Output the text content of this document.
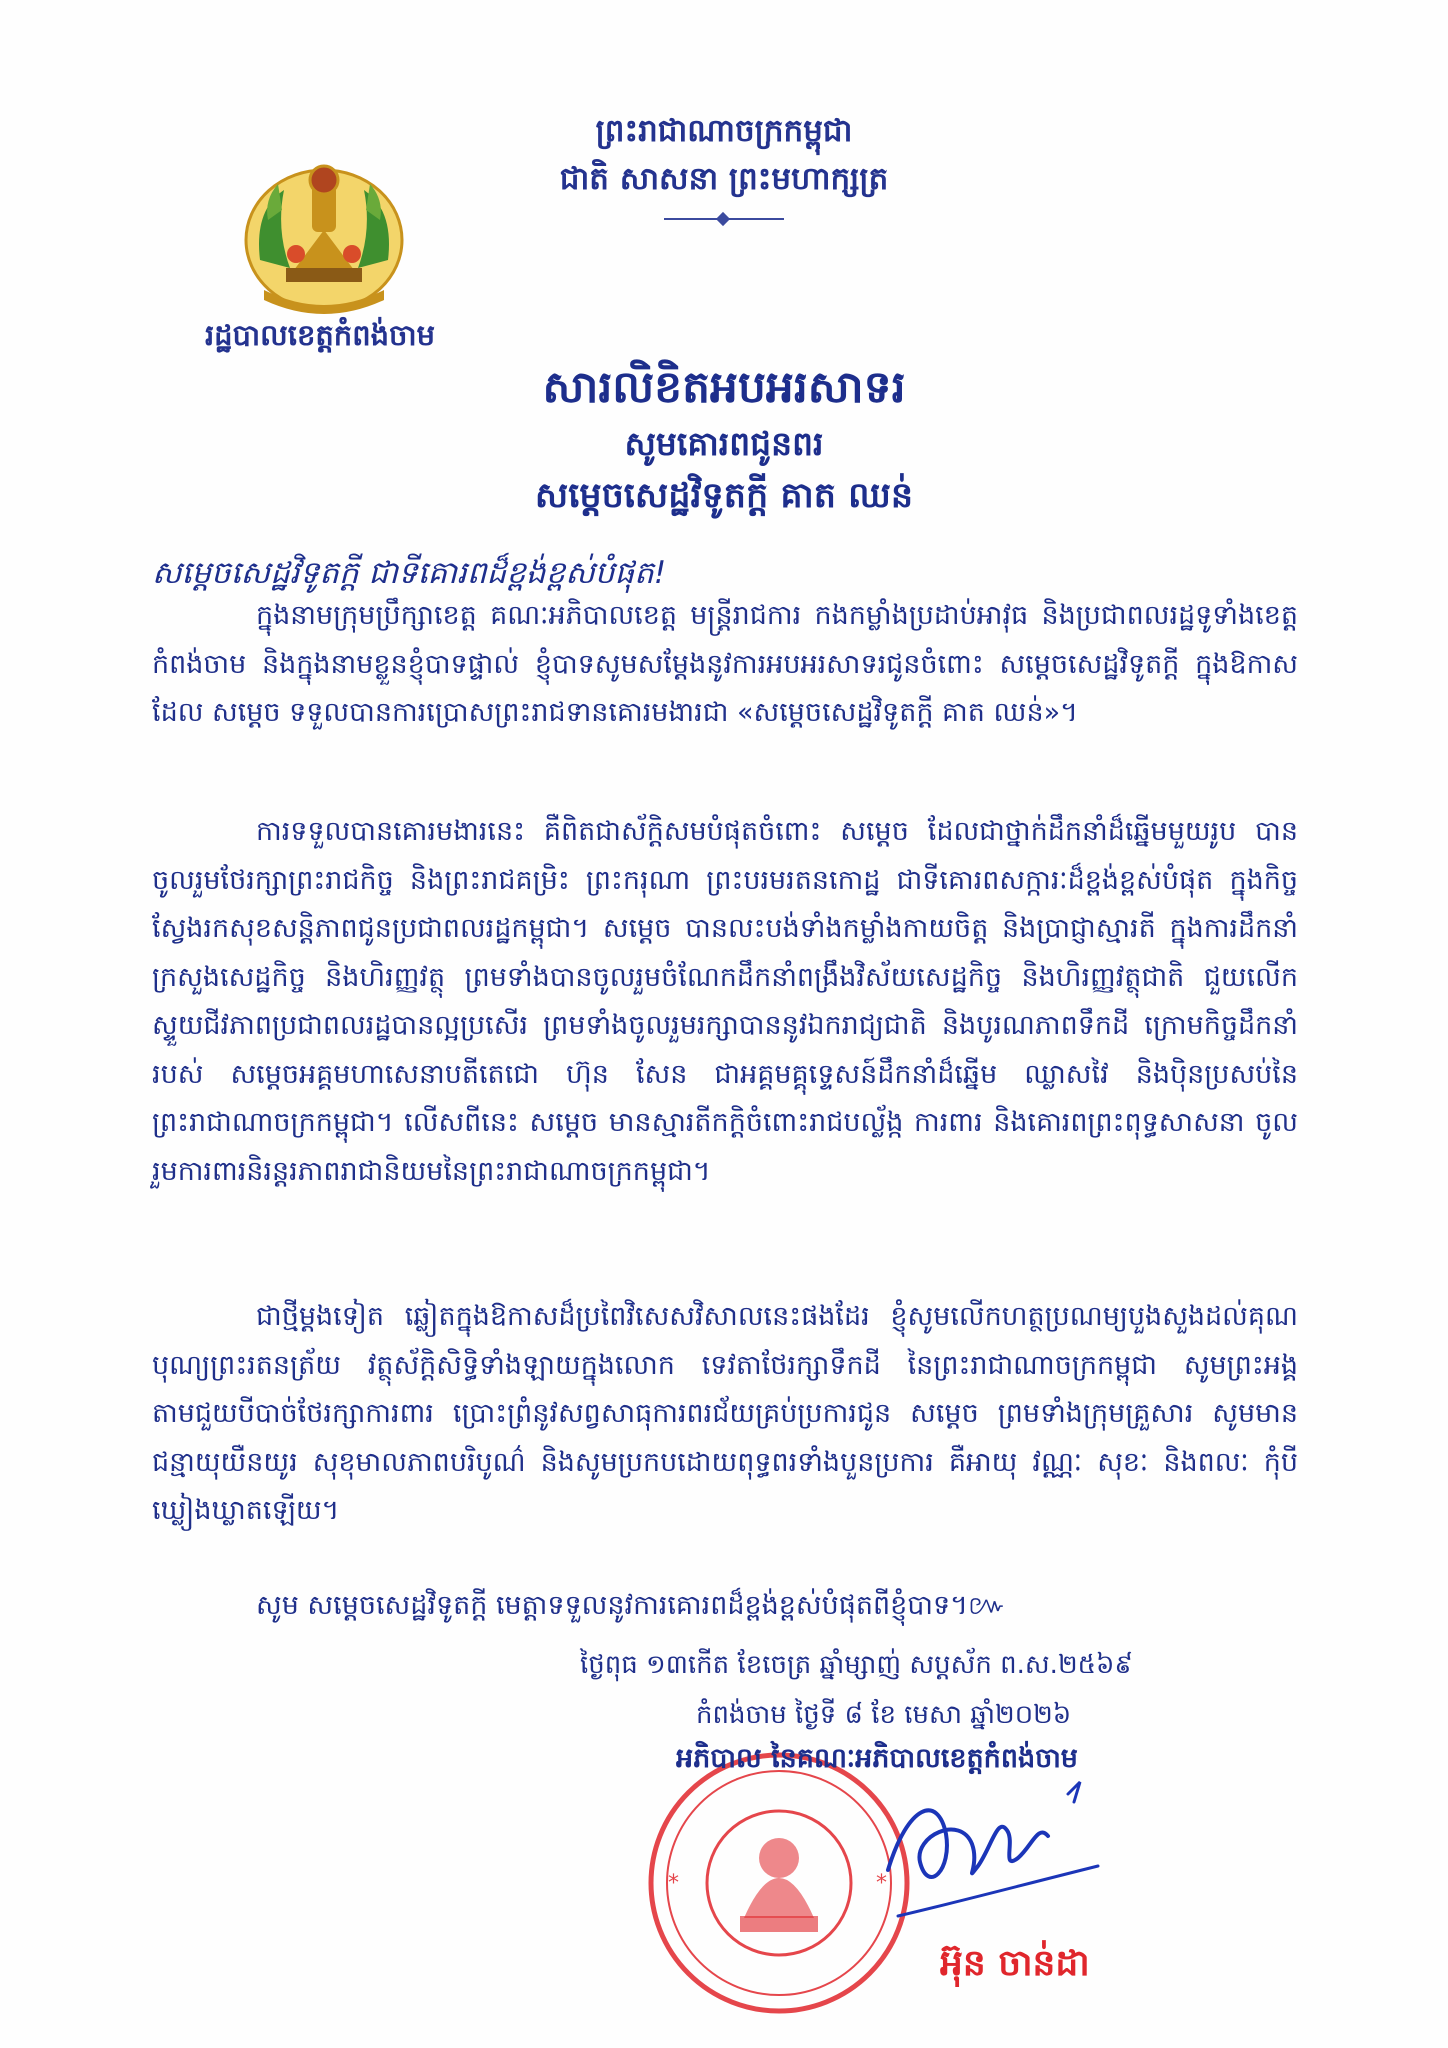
ព្រះរាជាណាចក្រកម្ពុជា
ជាតិ សាសនា ព្រះមហាក្សត្រ
រដ្ឋបាលខេត្តកំពង់ចាម
សារលិខិតអបអរសាទរ
សូមគោរពជូនពរ
សម្តេចសេដ្ឋវិទូតក្តី គាត ឈន់
សម្តេចសេដ្ឋវិទូតក្តី ជាទីគោរពដ៏ខ្ពង់ខ្ពស់បំផុត!
ក្នុងនាមក្រុមប្រឹក្សាខេត្ត គណៈអភិបាលខេត្ត មន្ត្រីរាជការ កងកម្លាំងប្រដាប់អាវុធ និងប្រជាពលរដ្ឋទូទាំងខេត្តកំពង់ចាម និងក្នុងនាមខ្លួនខ្ញុំបាទផ្ទាល់ ខ្ញុំបាទសូមសម្តែងនូវការអបអរសាទរជូនចំពោះ សម្តេចសេដ្ឋវិទូតក្តី ក្នុងឱកាសដែល សម្តេច ទទួលបានការប្រោសព្រះរាជទានគោរមងារជា «សម្តេចសេដ្ឋវិទូតក្តី គាត ឈន់»។
ការទទួលបានគោរមងារនេះ គឺពិតជាស័ក្តិសមបំផុតចំពោះ សម្តេច ដែលជាថ្នាក់ដឹកនាំដ៏ឆ្នើមមួយរូប បានចូលរួមថែរក្សាព្រះរាជកិច្ច និងព្រះរាជគម្រិះ ព្រះករុណា ព្រះបរមរតនកោដ្ឋ ជាទីគោរពសក្ការៈដ៏ខ្ពង់ខ្ពស់បំផុត ក្នុងកិច្ចស្វែងរកសុខសន្តិភាពជូនប្រជាពលរដ្ឋកម្ពុជា។ សម្តេច បានលះបង់ទាំងកម្លាំងកាយចិត្ត និងប្រាជ្ញាស្មារតី ក្នុងការដឹកនាំក្រសួងសេដ្ឋកិច្ច និងហិរញ្ញវត្ថុ ព្រមទាំងបានចូលរួមចំណែកដឹកនាំពង្រឹងវិស័យសេដ្ឋកិច្ច និងហិរញ្ញវត្ថុជាតិ ជួយលើកស្ទួយជីវភាពប្រជាពលរដ្ឋបានល្អប្រសើរ ព្រមទាំងចូលរួមរក្សាបាននូវឯករាជ្យជាតិ និងបូរណភាពទឹកដី ក្រោមកិច្ចដឹកនាំរបស់ សម្តេចអគ្គមហាសេនាបតីតេជោ ហ៊ុន សែន ជាអគ្គមគ្គុទ្ទេសន៍ដឹកនាំដ៏ឆ្នើម ឈ្លាសវៃ និងប៉ិនប្រសប់នៃព្រះរាជាណាចក្រកម្ពុជា។ លើសពីនេះ សម្តេច មានស្មារតីកក្តិចំពោះរាជបល្ល័ង្ក ការពារ និងគោរពព្រះពុទ្ធសាសនា ចូលរួមការពារនិរន្តរភាពរាជានិយមនៃព្រះរាជាណាចក្រកម្ពុជា។
ជាថ្មីម្តងទៀត ឆ្លៀតក្នុងឱកាសដ៏ប្រពៃវិសេសវិសាលនេះផងដែរ ខ្ញុំសូមលើកហត្ថប្រណម្យបួងសួងដល់គុណបុណ្យព្រះរតនត្រ័យ វត្ថុស័ក្តិសិទ្ធិទាំងឡាយក្នុងលោក ទេវតាថែរក្សាទឹកដី នៃព្រះរាជាណាចក្រកម្ពុជា សូមព្រះអង្គតាមជួយបីបាច់ថែរក្សាការពារ ប្រោះព្រំនូវសព្វសាធុការពរជ័យគ្រប់ប្រការជូន សម្តេច ព្រមទាំងក្រុមគ្រួសារ សូមមានជន្មាយុយឺនយូរ សុខុមាលភាពបរិបូណ៌ និងសូមប្រកបដោយពុទ្ធពរទាំងបួនប្រការ គឺអាយុ វណ្ណៈ សុខៈ និងពលៈ កុំបីឃ្លៀងឃ្លាតឡើយ។
សូម សម្តេចសេដ្ឋវិទូតក្តី មេត្តាទទួលនូវការគោរពដ៏ខ្ពង់ខ្ពស់បំផុតពីខ្ញុំបាទ។៚
ថ្ងៃពុធ ១៣កើត ខែចេត្រ ឆ្នាំម្សាញ់ សប្តស័ក ព.ស.២៥៦៩
កំពង់ចាម ថ្ងៃទី ៨ ខែ មេសា ឆ្នាំ២០២៦
*	*
អភិបាល នៃគណៈអភិបាលខេត្តកំពង់ចាម
អ៊ុន ចាន់ដា
